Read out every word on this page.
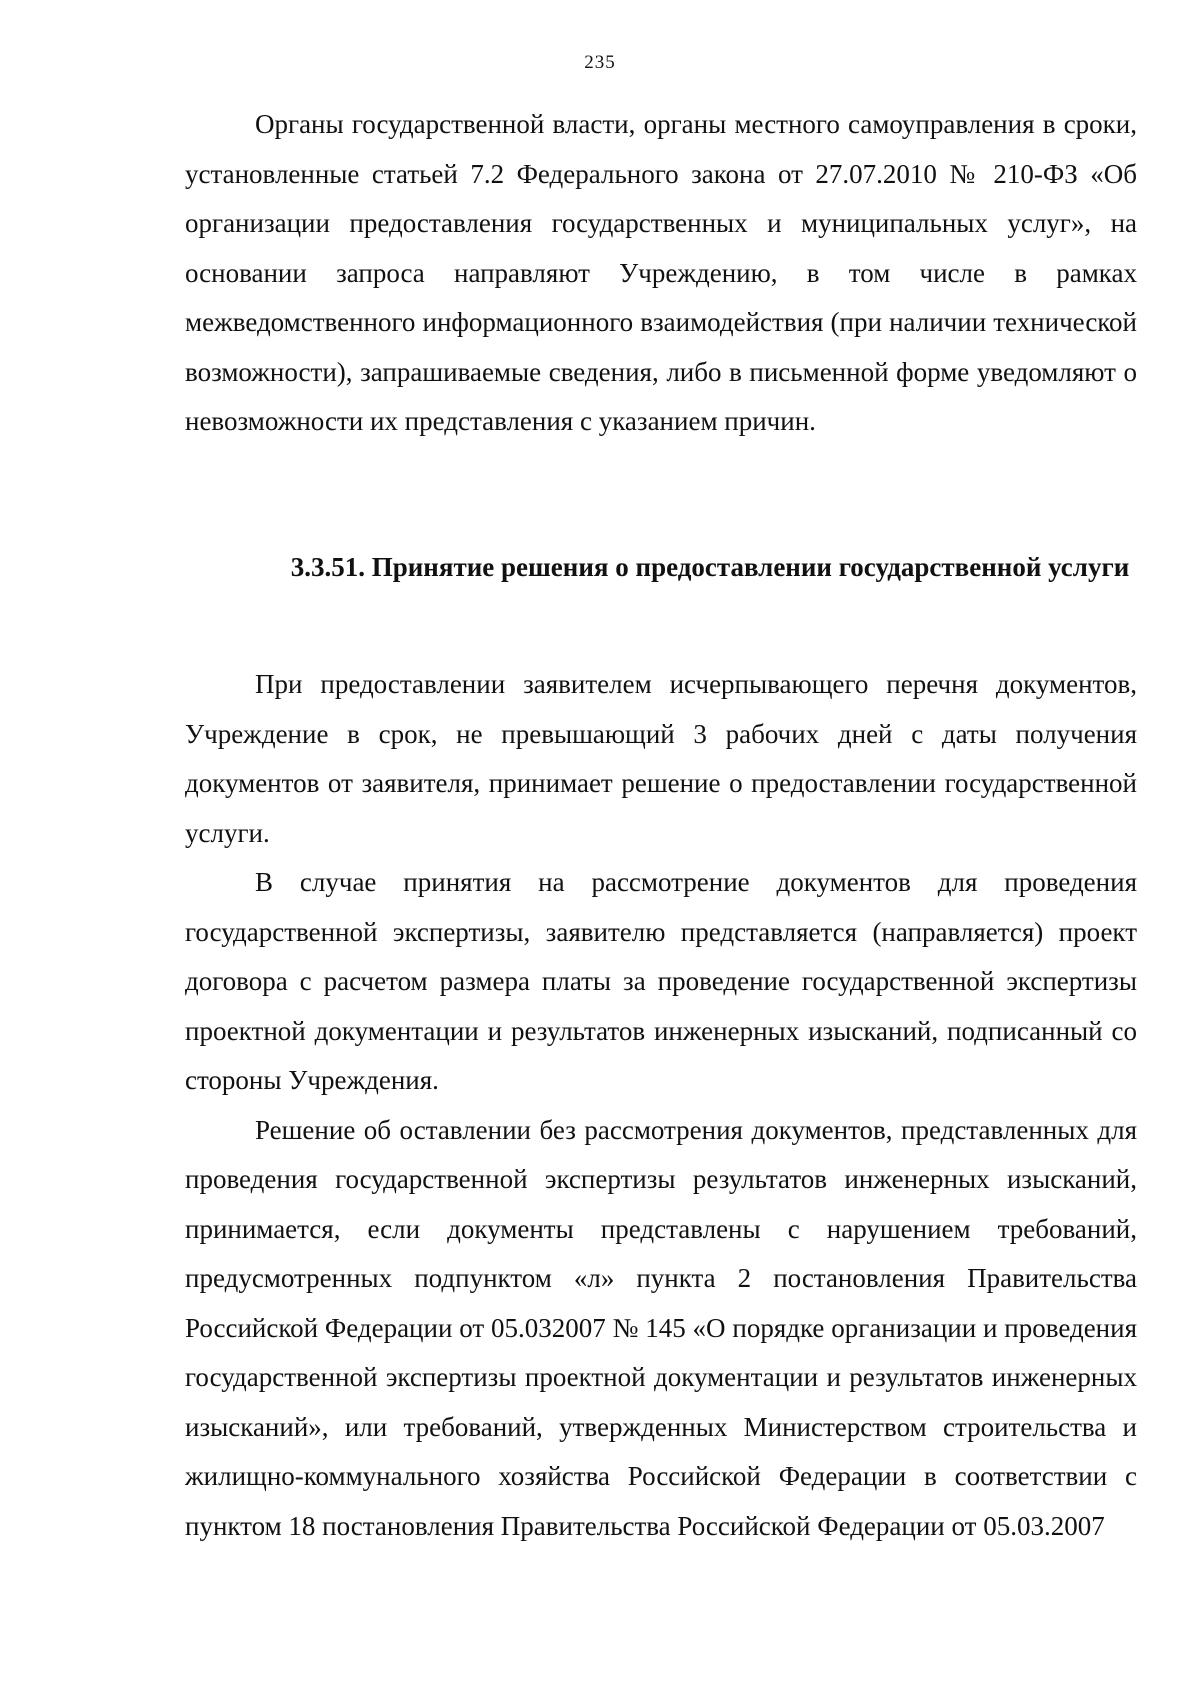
235

Органы государственной власти, органы местного самоуправления в сроки, установленные статьей 7.2 Федерального закона от 27.07.2010 № 210-ФЗ «Об организации предоставления государственных и муниципальных услуг», на основании запроса направляют Учреждению, в том числе в рамках межведомственного информационного взаимодействия (при наличии технической возможности), запрашиваемые сведения, либо в письменной форме уведомляют о невозможности их представления с указанием причин.

3.3.51. Принятие решения о предоставлении государственной услуги

При предоставлении заявителем исчерпывающего перечня документов, Учреждение в срок, не превышающий 3 рабочих дней с даты получения документов от заявителя, принимает решение о предоставлении государственной услуги.

В случае принятия на рассмотрение документов для проведения государственной экспертизы, заявителю представляется (направляется) проект договора с расчетом размера платы за проведение государственной экспертизы проектной документации и результатов инженерных изысканий, подписанный со стороны Учреждения.

Решение об оставлении без рассмотрения документов, представленных для проведения государственной экспертизы результатов инженерных изысканий, принимается, если документы представлены с нарушением требований, предусмотренных подпунктом «л» пункта 2 постановления Правительства Российской Федерации от 05.032007 № 145 «О порядке организации и проведения государственной экспертизы проектной документации и результатов инженерных изысканий», или требований, утвержденных Министерством строительства и жилищно-коммунального хозяйства Российской Федерации в соответствии с пунктом 18 постановления Правительства Российской Федерации от 05.03.2007
